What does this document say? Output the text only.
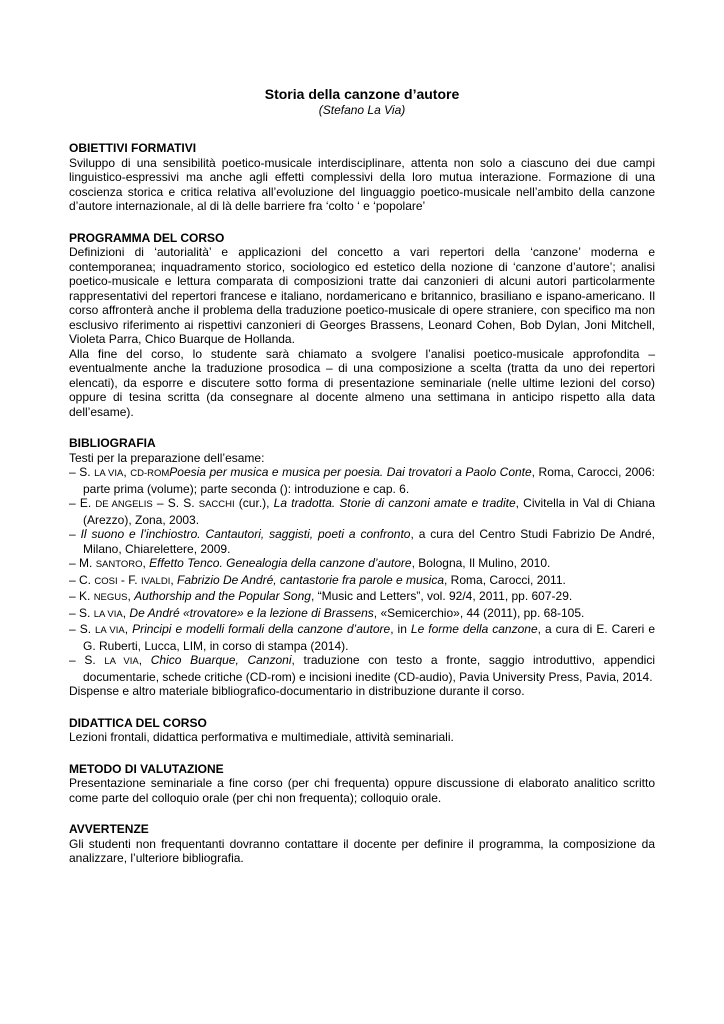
Storia della canzone d’autore

(Stefano La Via)

OBIETTIVI FORMATIVI

Sviluppo di una sensibilità poetico-musicale interdisciplinare, attenta non solo a ciascuno dei due campi linguistico-espressivi ma anche agli effetti complessivi della loro mutua interazione. Formazione di una coscienza storica e critica relativa all’evoluzione del linguaggio poetico-musicale nell’ambito della canzone d’autore internazionale, al di là delle barriere fra ‘colto ‘ e ‘popolare’

PROGRAMMA DEL CORSO

Definizioni di ‘autorialità’ e applicazioni del concetto a vari repertori della ‘canzone’ moderna e contemporanea; inquadramento storico, sociologico ed estetico della nozione di ‘canzone d’autore’; analisi poetico-musicale e lettura comparata di composizioni tratte dai canzonieri di alcuni autori particolarmente rappresentativi del repertori francese e italiano, nordamericano e britannico, brasiliano e ispano-americano. Il corso affronterà anche il problema della traduzione poetico-musicale di opere straniere, con specifico ma non esclusivo riferimento ai rispettivi canzonieri di Georges Brassens, Leonard Cohen, Bob Dylan, Joni Mitchell, Violeta Parra, Chico Buarque de Hollanda.

Alla fine del corso, lo studente sarà chiamato a svolgere l’analisi poetico-musicale approfondita – eventualmente anche la traduzione prosodica – di una composizione a scelta (tratta da uno dei repertori elencati), da esporre e discutere sotto forma di presentazione seminariale (nelle ultime lezioni del corso) oppure di tesina scritta (da consegnare al docente almeno una settimana in anticipo rispetto alla data dell’esame).

BIBLIOGRAFIA

Testi per la preparazione dell’esame:

– S. LA VIA, CD-ROMPoesia per musica e musica per poesia. Dai trovatori a Paolo Conte, Roma, Carocci, 2006: parte prima (volume); parte seconda (): introduzione e cap. 6.
– E. DE ANGELIS – S. S. SACCHI (cur.), La tradotta. Storie di canzoni amate e tradite, Civitella in Val di Chiana (Arezzo), Zona, 2003.
– Il suono e l’inchiostro. Cantautori, saggisti, poeti a confronto, a cura del Centro Studi Fabrizio De André, Milano, Chiarelettere, 2009.
– M. SANTORO, Effetto Tenco. Genealogia della canzone d’autore, Bologna, Il Mulino, 2010.
– C. COSI - F. IVALDI, Fabrizio De André, cantastorie fra parole e musica, Roma, Carocci, 2011.
– K. NEGUS, Authorship and the Popular Song, “Music and Letters”, vol. 92/4, 2011, pp. 607-29.
– S. LA VIA, De André «trovatore» e la lezione di Brassens, «Semicerchio», 44 (2011), pp. 68-105.
– S. LA VIA, Principi e modelli formali della canzone d’autore, in Le forme della canzone, a cura di E. Careri e G. Ruberti, Lucca, LIM, in corso di stampa (2014).
– S. LA VIA, Chico Buarque, Canzoni, traduzione con testo a fronte, saggio introduttivo, appendici documentarie, schede critiche (CD-rom) e incisioni inedite (CD-audio), Pavia University Press, Pavia, 2014.

Dispense e altro materiale bibliografico-documentario in distribuzione durante il corso.

DIDATTICA DEL CORSO

Lezioni frontali, didattica performativa e multimediale, attività seminariali.

METODO DI VALUTAZIONE

Presentazione seminariale a fine corso (per chi frequenta) oppure discussione di elaborato analitico scritto come parte del colloquio orale (per chi non frequenta); colloquio orale.

AVVERTENZE

Gli studenti non frequentanti dovranno contattare il docente per definire il programma, la composizione da analizzare, l’ulteriore bibliografia.
